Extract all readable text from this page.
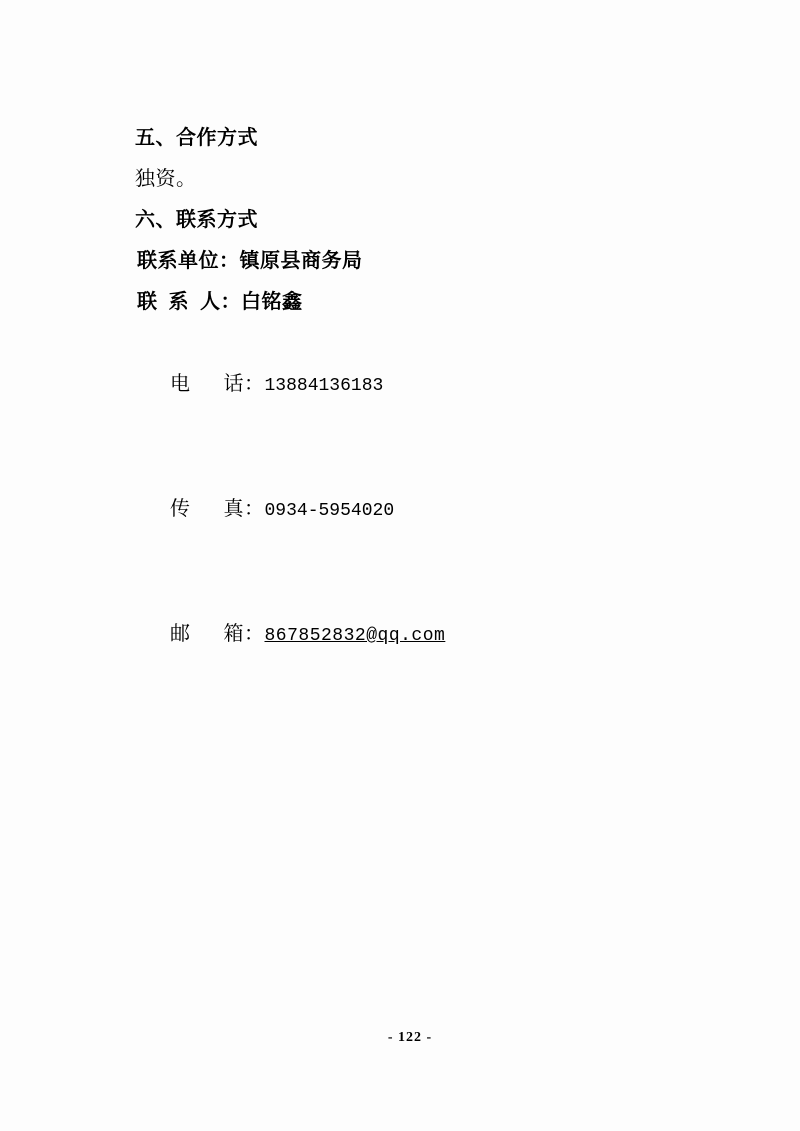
五、合作方式
独资。
六、联系方式
联系单位：镇原县商务局
联  系  人：白铭鑫

电      话：13884136183

传      真：0934-5954020

邮      箱：867852832@qq.com

- 122 -
